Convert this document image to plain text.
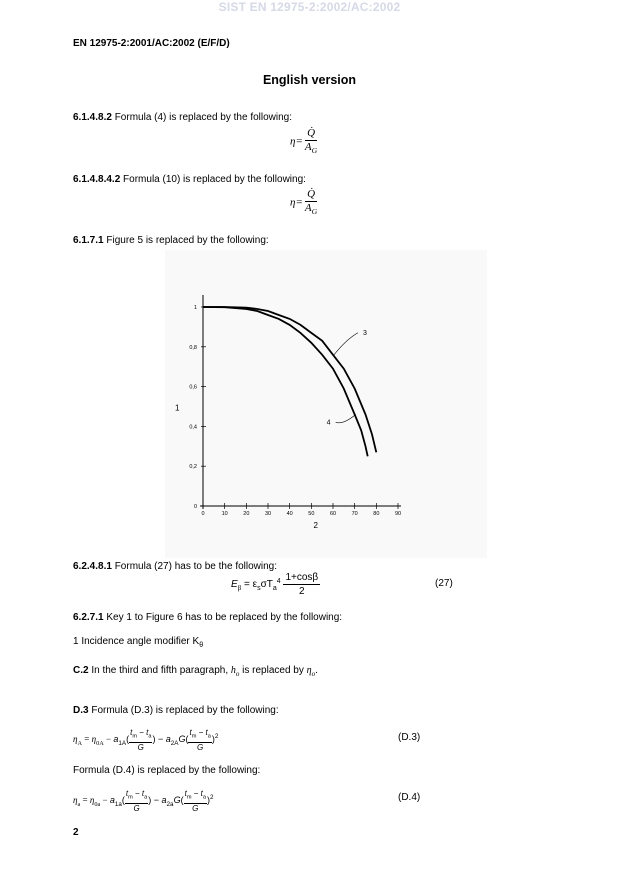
SIST EN 12975-2:2002/AC:2002
EN 12975-2:2001/AC:2002 (E/F/D)
English version
6.1.4.8.2 Formula (4) is replaced by the following:
$\eta= \frac{Q̇}{A_G}$
6.1.4.8.4.2 Formula (10) is replaced by the following:
$\eta= \frac{Q̇}{A_G}$
6.1.7.1 Figure 5 is replaced by the following:
0	10	20	30	40	50	60	70	80	90
0
0,2
0,4
0,6
0,8
1
3
4
1
2
6.2.4.8.1 Formula (27) has to be the following:
$E_\beta = \varepsilon_s\sigma T_a^4 \frac{1+\cos\beta}{2}$	(27)
6.2.7.1 Key 1 to Figure 6 has to be replaced by the following:
1 Incidence angle modifier $K_\theta$
C.2 In the third and fifth paragraph, $h_o$ is replaced by $\eta_o$.
D.3 Formula (D.3) is replaced by the following:
$\eta_A = \eta_{0A} - a_{1A}( \frac{t_m - t_a}{G}$ ) − $a_{2A}G( \frac{t_m - t_a}{G} )^2$	(D.3)
Formula (D.4) is replaced by the following:
$\eta_a = \eta_{0a} - a_{1a}( \frac{t_m - t_a}{G}$ ) − $a_{2a}G( \frac{t_m - t_a}{G} )^2$	(D.4)
2
